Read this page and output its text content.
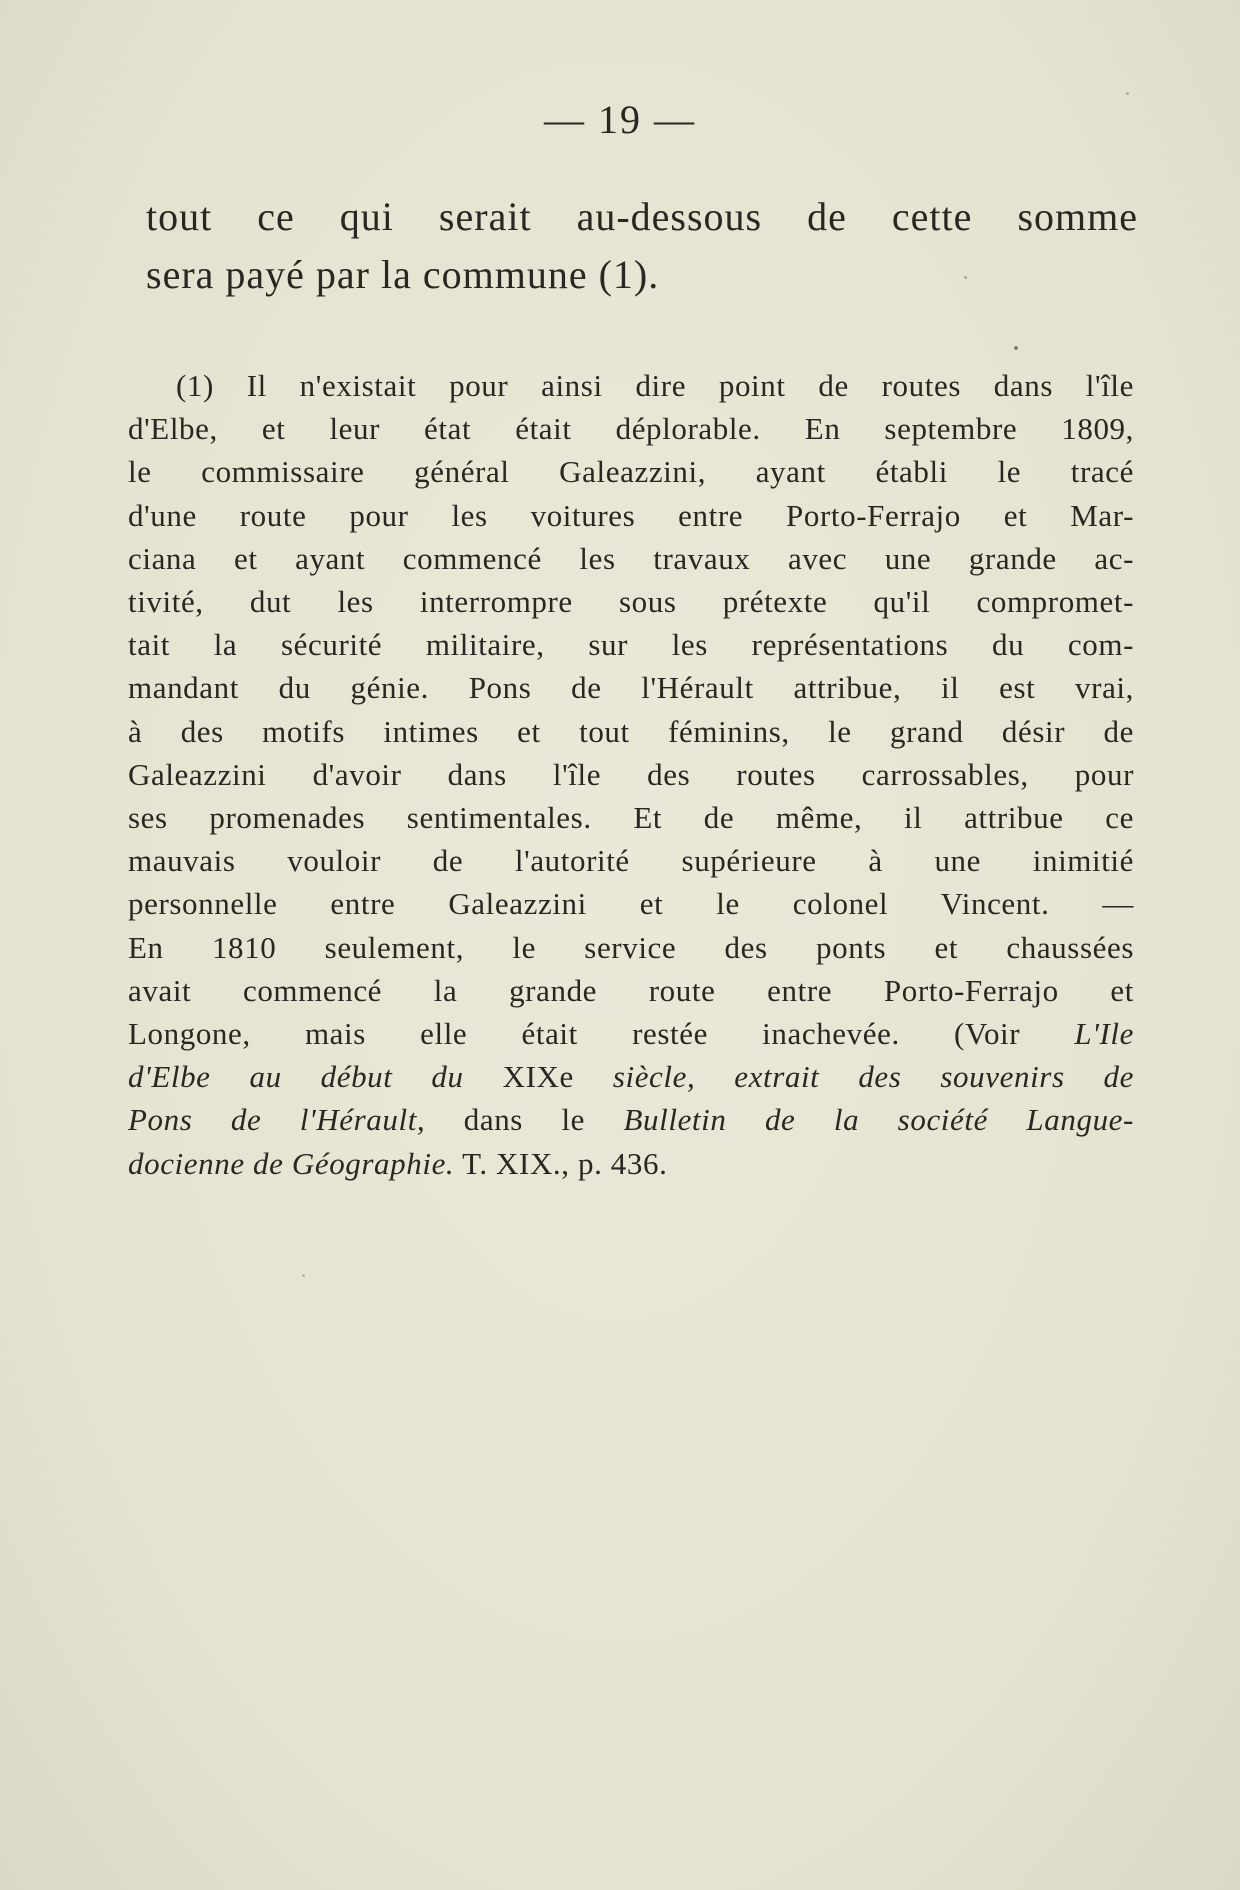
— 19 —
tout ce qui serait au-dessous de cette somme
sera payé par la commune (1).
(1) Il n'existait pour ainsi dire point de routes dans l'île
d'Elbe, et leur état était déplorable. En septembre 1809,
le commissaire général Galeazzini, ayant établi le tracé
d'une route pour les voitures entre Porto-Ferrajo et Mar-
ciana et ayant commencé les travaux avec une grande ac-
tivité, dut les interrompre sous prétexte qu'il compromet-
tait la sécurité militaire, sur les représentations du com-
mandant du génie. Pons de l'Hérault attribue, il est vrai,
à des motifs intimes et tout féminins, le grand désir de
Galeazzini d'avoir dans l'île des routes carrossables, pour
ses promenades sentimentales. Et de même, il attribue ce
mauvais vouloir de l'autorité supérieure à une inimitié
personnelle entre Galeazzini et le colonel Vincent. —
En 1810 seulement, le service des ponts et chaussées
avait commencé la grande route entre Porto-Ferrajo et
Longone, mais elle était restée inachevée. (Voir L'Ile
d'Elbe au début du XIXe siècle, extrait des souvenirs de
Pons de l'Hérault, dans le Bulletin de la société Langue-
docienne de Géographie. T. XIX., p. 436.
